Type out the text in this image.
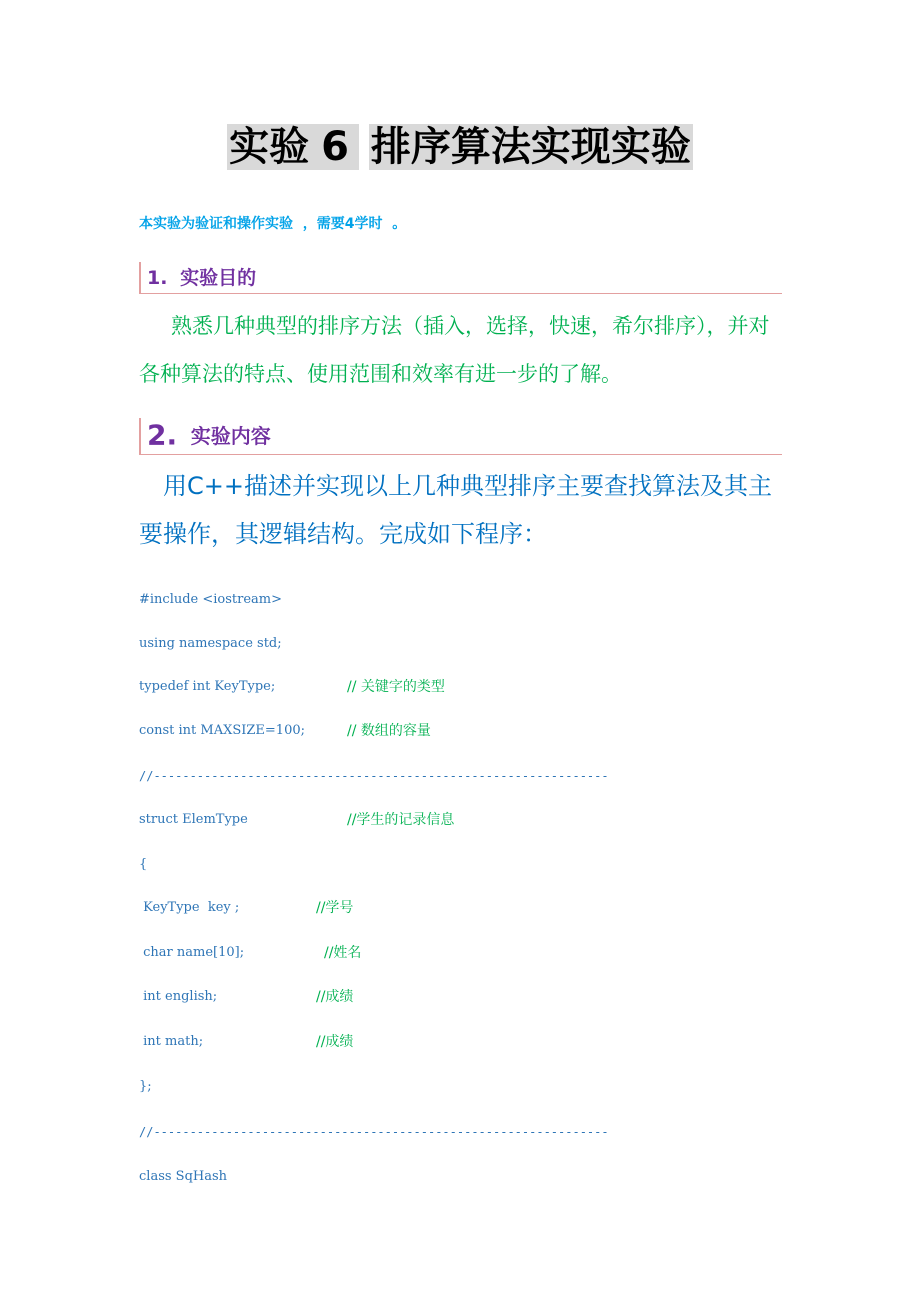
实验 6 排序算法实现实验
本实验为验证和操作实验  ，需要4学时  。
1. 实验目的
熟悉几种典型的排序方法（插入，选择，快速，希尔排序），并对各种算法的特点、使用范围和效率有进一步的了解。
2. 实验内容
用C++描述并实现以上几种典型排序主要查找算法及其主要操作，其逻辑结构。完成如下程序：
#include <iostream>
using namespace std;
typedef int KeyType;	// 关键字的类型
const int MAXSIZE=100;	// 数组的容量
//---------------------------------------------------------------
struct ElemType	//学生的记录信息
{
KeyType  key ;	//学号
char name[10];	//姓名
int english;	//成绩
int math;	//成绩
};
//---------------------------------------------------------------
class SqHash
